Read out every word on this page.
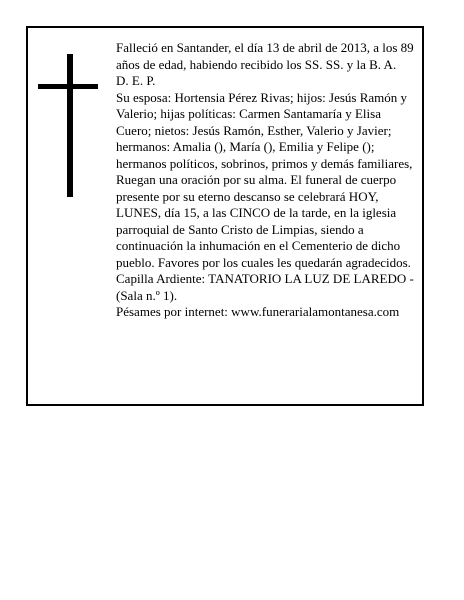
Falleció en Santander, el día 13 de abril de 2013, a los 89 años de edad, habiendo recibido los SS. SS. y la B. A.

D. E. P.

Su esposa: Hortensia Pérez Rivas; hijos: Jesús Ramón y Valerio; hijas políticas: Carmen Santamaría y Elisa Cuero; nietos: Jesús Ramón, Esther, Valerio y Javier; hermanos: Amalia (), María (), Emilia y Felipe (); hermanos políticos, sobrinos, primos y demás familiares,

Ruegan una oración por su alma. El funeral de cuerpo presente por su eterno descanso se celebrará HOY, LUNES, día 15, a las CINCO de la tarde, en la iglesia parroquial de Santo Cristo de Limpias, siendo a continuación la inhumación en el Cementerio de dicho pueblo. Favores por los cuales les quedarán agradecidos. Capilla Ardiente: TANATORIO LA LUZ DE LAREDO - (Sala n.º 1).

Pésames por internet: www.funerarialamontanesa.com
